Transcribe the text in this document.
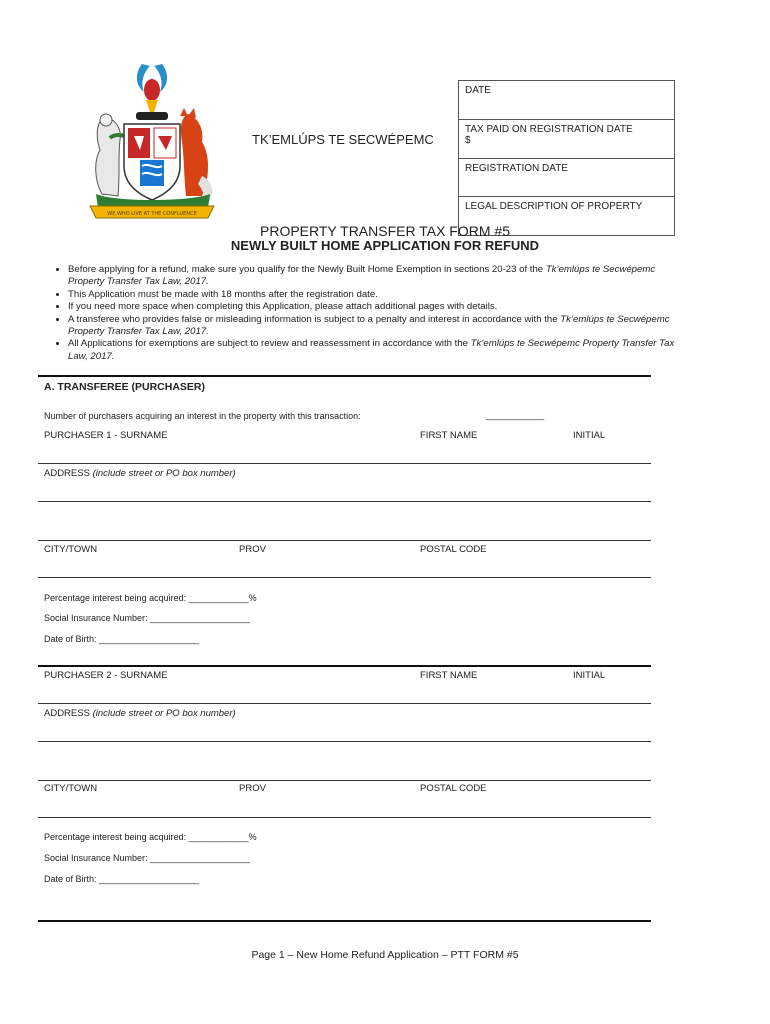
WE WHO LIVE AT THE CONFLUENCE
TK’EMLÚPS TE SECWÉPEMC
DATE
TAX PAID ON REGISTRATION DATE
$
REGISTRATION DATE
LEGAL DESCRIPTION OF PROPERTY
PROPERTY TRANSFER TAX FORM #5
NEWLY BUILT HOME APPLICATION FOR REFUND
• Before applying for a refund, make sure you qualify for the Newly Built Home Exemption in sections 20-23 of the Tk’emlúps te Secwépemc Property Transfer Tax Law, 2017.
• This Application must be made with 18 months after the registration date.
• If you need more space when completing this Application, please attach additional pages with details.
• A transferee who provides false or misleading information is subject to a penalty and interest in accordance with the Tk’emlúps te Secwépemc Property Transfer Tax Law, 2017.
• All Applications for exemptions are subject to review and reassessment in accordance with the Tk’emlúps te Secwépemc Property Transfer Tax Law, 2017.
A. TRANSFEREE (PURCHASER)
Number of purchasers acquiring an interest in the property with this transaction:	___________
PURCHASER 1 - SURNAME	FIRST NAME	INITIAL
ADDRESS (include street or PO box number)
CITY/TOWN	PROV	POSTAL CODE
Percentage interest being acquired: ____________%
Social Insurance Number: ____________________
Date of Birth: ____________________
PURCHASER 2 - SURNAME	FIRST NAME	INITIAL
ADDRESS (include street or PO box number)
CITY/TOWN	PROV	POSTAL CODE
Percentage interest being acquired: ____________%
Social Insurance Number: ____________________
Date of Birth: ____________________
Page 1 – New Home Refund Application – PTT FORM #5
